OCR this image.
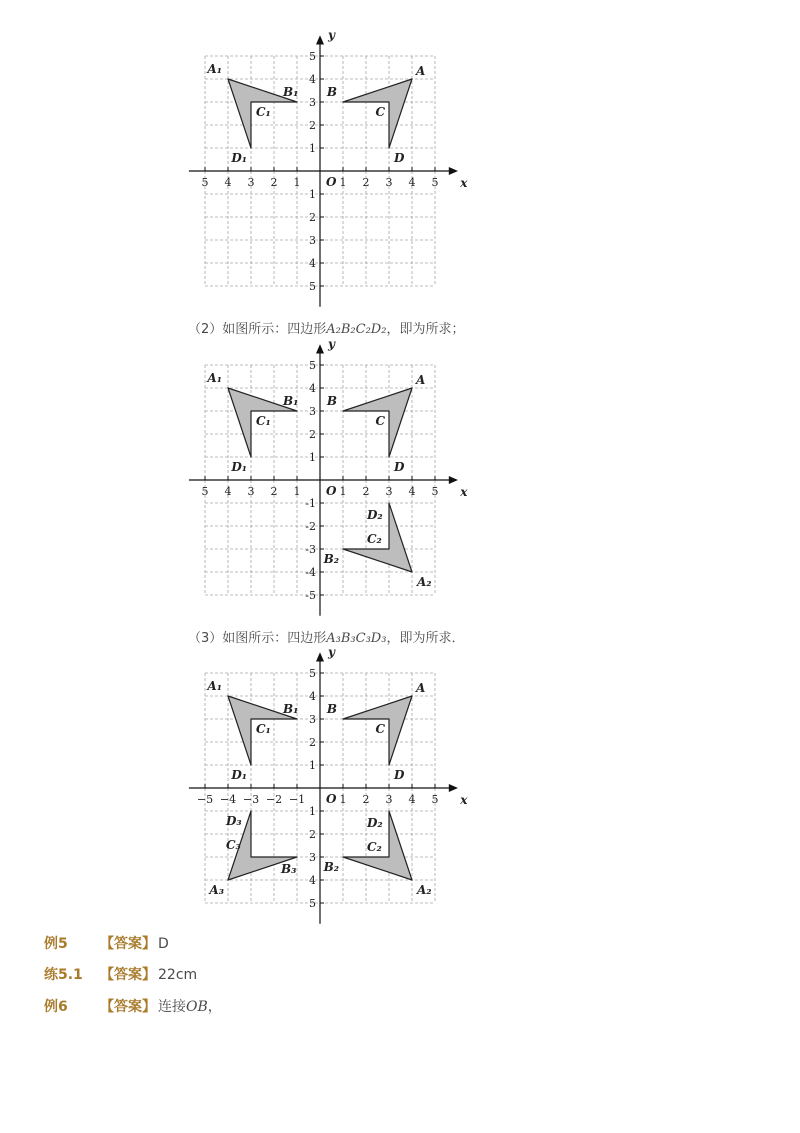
5 4 3 2 1	1 2 3 4 5
5
4
3
2
1
1
2
3
4
5
O	x
y
A
B
C
D
A₁
B₁
C₁
D₁
（2）如图所示：四边形A₂B₂C₂D₂，即为所求；
5 4 3 2 1	1 2 3 4 5
5
4
3
2
1
-1
-2
-3
-4
-5
O	x
y
A
B
C
D
A₁
B₁
C₁
D₁
A₂
B₂
C₂
D₂
（3）如图所示：四边形A₃B₃C₃D₃，即为所求．
−5 −4 −3 −2 −1	1 2 3 4 5
5
4
3
2
1
1
2
3
4
5
O	x
y
A
B
C
D
A₁
B₁
C₁
D₁
A₂
B₂
C₂
D₂
A₃
B₃
C₃
D₃
例5 【答案】 D
练5.1 【答案】 22cm
例6 【答案】 连接OB，
